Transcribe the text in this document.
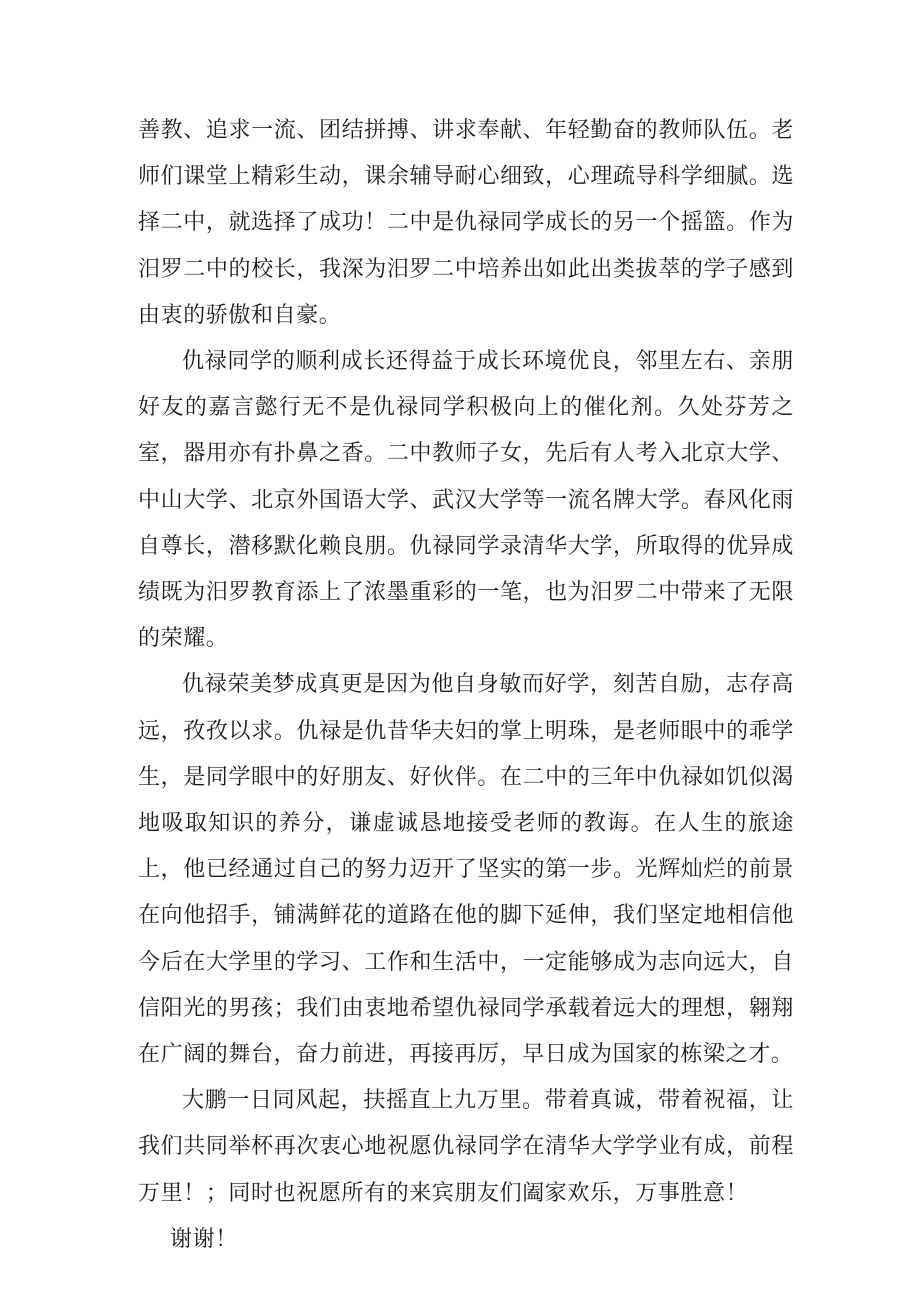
善教、追求一流、团结拼搏、讲求奉献、年轻勤奋的教师队伍。老师们课堂上精彩生动，课余辅导耐心细致，心理疏导科学细腻。选择二中，就选择了成功！二中是仇禄同学成长的另一个摇篮。作为汨罗二中的校长，我深为汨罗二中培养出如此出类拔萃的学子感到由衷的骄傲和自豪。

仇禄同学的顺利成长还得益于成长环境优良，邻里左右、亲朋好友的嘉言懿行无不是仇禄同学积极向上的催化剂。久处芬芳之室，器用亦有扑鼻之香。二中教师子女，先后有人考入北京大学、中山大学、北京外国语大学、武汉大学等一流名牌大学。春风化雨自尊长，潜移默化赖良朋。仇禄同学录清华大学，所取得的优异成绩既为汨罗教育添上了浓墨重彩的一笔，也为汨罗二中带来了无限的荣耀。

仇禄荣美梦成真更是因为他自身敏而好学，刻苦自励，志存高远，孜孜以求。仇禄是仇昔华夫妇的掌上明珠，是老师眼中的乖学生，是同学眼中的好朋友、好伙伴。在二中的三年中仇禄如饥似渴地吸取知识的养分，谦虚诚恳地接受老师的教诲。在人生的旅途上，他已经通过自己的努力迈开了坚实的第一步。光辉灿烂的前景在向他招手，铺满鲜花的道路在他的脚下延伸，我们坚定地相信他今后在大学里的学习、工作和生活中，一定能够成为志向远大，自信阳光的男孩；我们由衷地希望仇禄同学承载着远大的理想，翱翔在广阔的舞台，奋力前进，再接再厉，早日成为国家的栋梁之才。

大鹏一日同风起，扶摇直上九万里。带着真诚，带着祝福，让我们共同举杯再次衷心地祝愿仇禄同学在清华大学学业有成，前程万里！；同时也祝愿所有的来宾朋友们阖家欢乐，万事胜意！

谢谢！
